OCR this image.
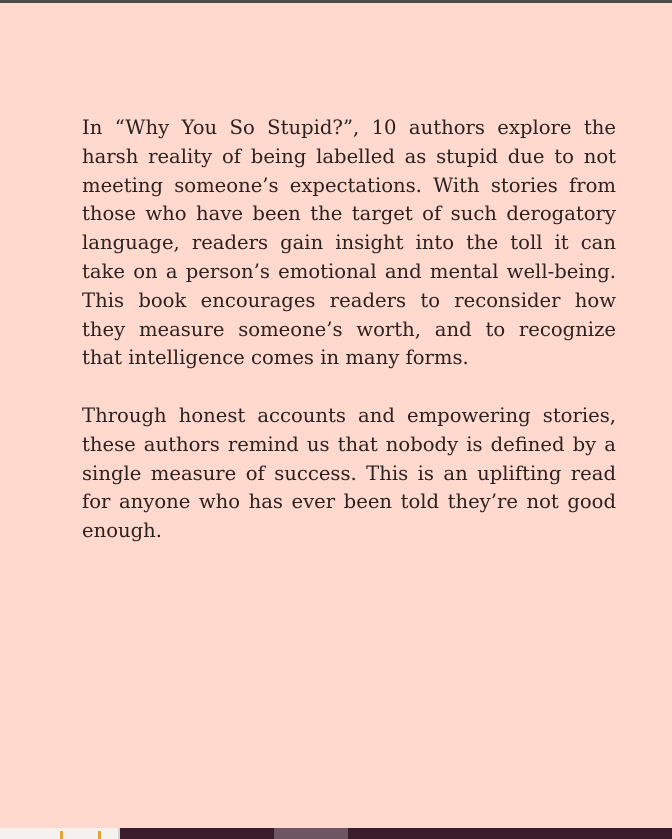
In “Why You So Stupid?”, 10 authors explore the harsh reality of being labelled as stupid due to not meeting someone’s expectations. With stories from those who have been the target of such derogatory language, readers gain insight into the toll it can take on a person’s emotional and mental well-being. This book encourages readers to reconsider how they measure someone’s worth, and to recognize that intelligence comes in many forms.

Through honest accounts and empowering stories, these authors remind us that nobody is defined by a single measure of success. This is an uplifting read for anyone who has ever been told they’re not good enough.
